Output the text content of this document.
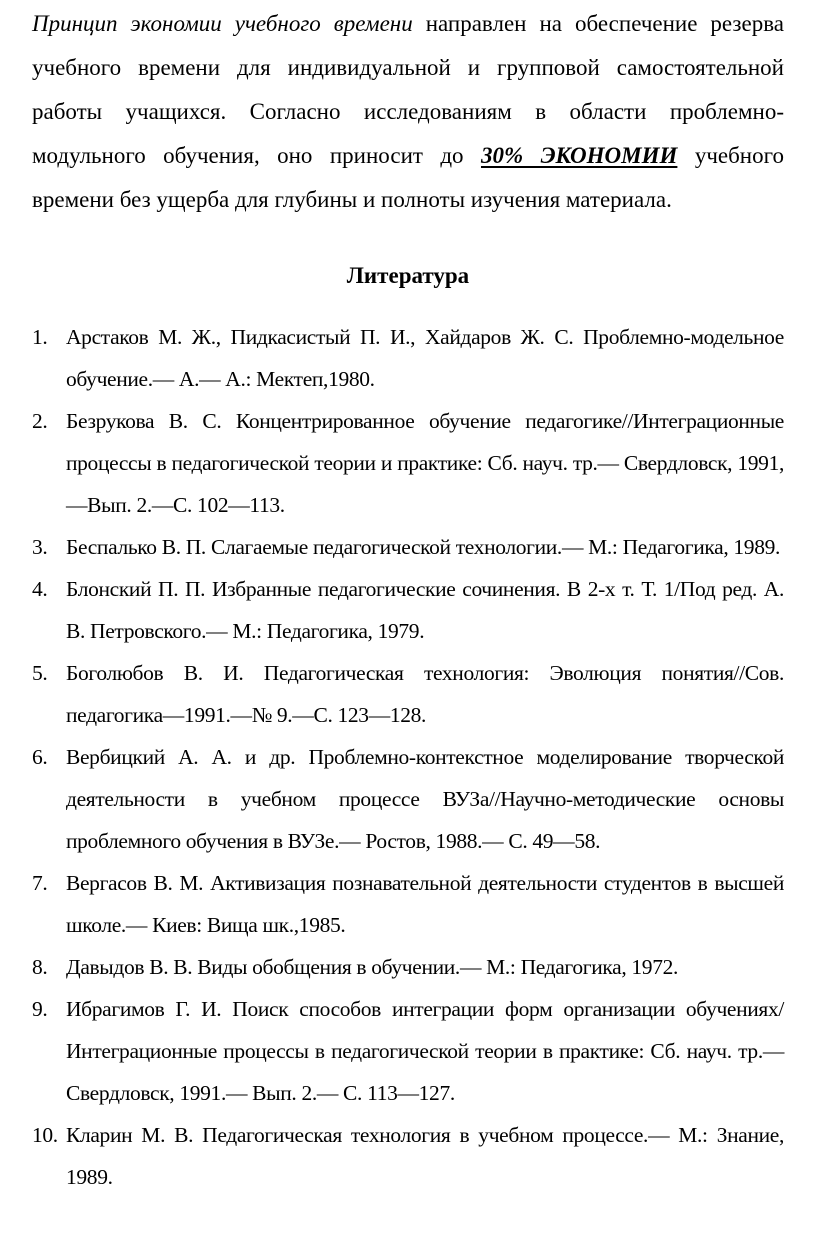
Принцип экономии учебного времени направлен на обеспечение резерва учебного времени для индивидуальной и групповой самостоятельной работы учащихся. Согласно исследованиям в области проблемно-модульного обучения, оно приносит до 30% ЭКОНОМИИ учебного времени без ущерба для глубины и полноты изучения материала.

Литература
1. Арстаков М. Ж., Пидкасистый П. И., Хайдаров Ж. С. Проблемно-модельное обучение.— А.— А.: Мектеп,1980.
2. Безрукова В. С. Концентрированное обучение педагогике//Интеграционные процессы в педагогической теории и практике: Сб. науч. тр.— Свердловск, 1991,—Вып. 2.—С. 102—113.
3. Беспалько В. П. Слагаемые педагогической технологии.— М.: Педагогика, 1989.
4. Блонский П. П. Избранные педагогические сочинения. В 2-х т. Т. 1/Под ред. А. В. Петровского.— М.: Педагогика, 1979.
5. Боголюбов В. И. Педагогическая технология: Эволюция понятия//Сов. педагогика—1991.—№ 9.—С. 123—128.
6. Вербицкий А. А. и др. Проблемно-контекстное моделирование творческой деятельности в учебном процессе ВУЗа//Научно-методические основы проблемного обучения в ВУЗе.— Ростов, 1988.— С. 49—58.
7. Вергасов В. М. Активизация познавательной деятельности студентов в высшей школе.— Киев: Вища шк.,1985.
8. Давыдов В. В. Виды обобщения в обучении.— М.: Педагогика, 1972.
9. Ибрагимов Г. И. Поиск способов интеграции форм организации обучениях/Интеграционные процессы в педагогической теории в практике: Сб. науч. тр.— Свердловск, 1991.— Вып. 2.— С. 113—127.
10. Кларин М. В. Педагогическая технология в учебном процессе.— М.: Знание, 1989.
